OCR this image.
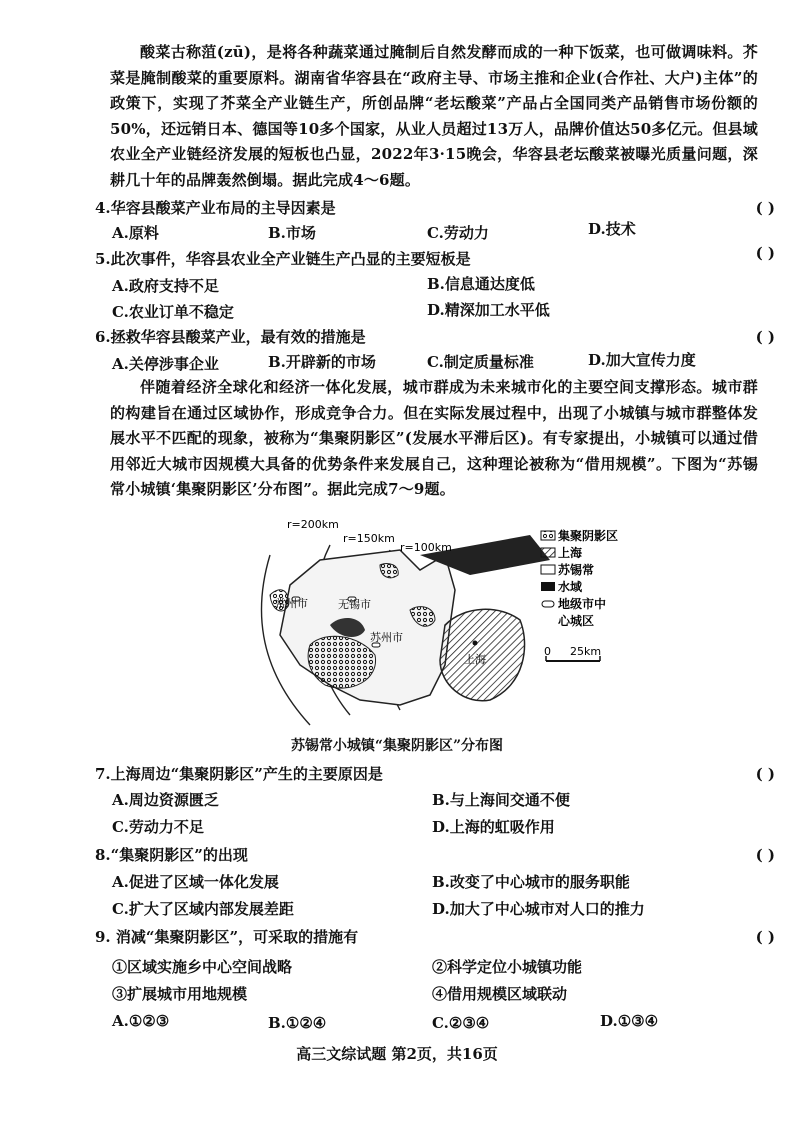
酸菜古称菹(zū)，是将各种蔬菜通过腌制后自然发酵而成的一种下饭菜，也可做调味料。芥菜是腌制酸菜的重要原料。湖南省华容县在“政府主导、市场主推和企业(合作社、大户)主体”的政策下，实现了芥菜全产业链生产，所创品牌“老坛酸菜”产品占全国同类产品销售市场份额的50%，还远销日本、德国等10多个国家，从业人员超过13万人，品牌价值达50多亿元。但县域农业全产业链经济发展的短板也凸显，2022年3·15晚会，华容县老坛酸菜被曝光质量问题，深耕几十年的品牌轰然倒塌。据此完成4～6题。

4.华容县酸菜产业布局的主导因素是	( )
A.原料	B.市场	C.劳动力	D.技术
5.此次事件，华容县农业全产业链生产凸显的主要短板是	( )
A.政府支持不足	B.信息通达度低
C.农业订单不稳定	D.精深加工水平低
6.拯救华容县酸菜产业，最有效的措施是	( )
A.关停涉事企业	B.开辟新的市场	C.制定质量标准	D.加大宣传力度

伴随着经济全球化和经济一体化发展，城市群成为未来城市化的主要空间支撑形态。城市群的构建旨在通过区域协作，形成竞争合力。但在实际发展过程中，出现了小城镇与城市群整体发展水平不匹配的现象，被称为“集聚阴影区”(发展水平滞后区)。有专家提出，小城镇可以通过借用邻近大城市因规模大具备的优势条件来发展自己，这种理论被称为“借用规模”。下图为“苏锡常小城镇‘集聚阴影区’分布图”。据此完成7～9题。

r=200km
r=150km
r=100km
常州市	无锡市
苏州市
上海
集聚阴影区
上海
苏锡常
水域
地级市中
心城区
0 25km
苏锡常小城镇“集聚阴影区”分布图
7.上海周边“集聚阴影区”产生的主要原因是	( )
A.周边资源匮乏	B.与上海间交通不便
C.劳动力不足	D.上海的虹吸作用
8.“集聚阴影区”的出现	( )
A.促进了区域一体化发展	B.改变了中心城市的服务职能
C.扩大了区域内部发展差距	D.加大了中心城市对人口的推力
9. 消减“集聚阴影区”，可采取的措施有	( )
①区域实施乡中心空间战略	②科学定位小城镇功能
③扩展城市用地规模	④借用规模区域联动
A.①②③	B.①②④	C.②③④	D.①③④
高三文综试题 第2页，共16页
